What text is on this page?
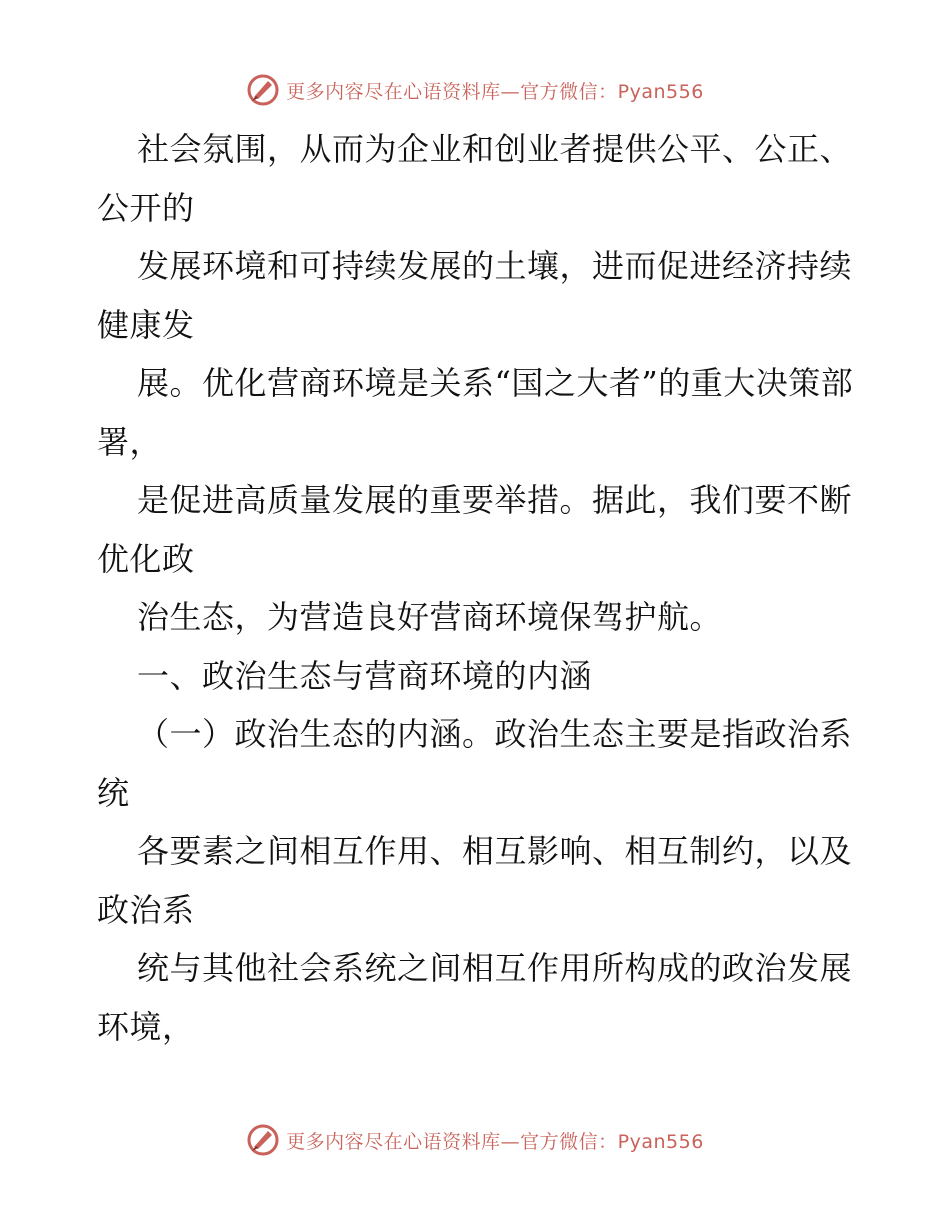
更多内容尽在心语资料库—官方微信：Pyan556

社会氛围，从而为企业和创业者提供公平、公正、公开的

发展环境和可持续发展的土壤，进而促进经济持续健康发

展。优化营商环境是关系“国之大者”的重大决策部署，

是促进高质量发展的重要举措。据此，我们要不断优化政

治生态，为营造良好营商环境保驾护航。

一、政治生态与营商环境的内涵

（一）政治生态的内涵。政治生态主要是指政治系统

各要素之间相互作用、相互影响、相互制约，以及政治系

统与其他社会系统之间相互作用所构成的政治发展环境，

更多内容尽在心语资料库—官方微信：Pyan556
